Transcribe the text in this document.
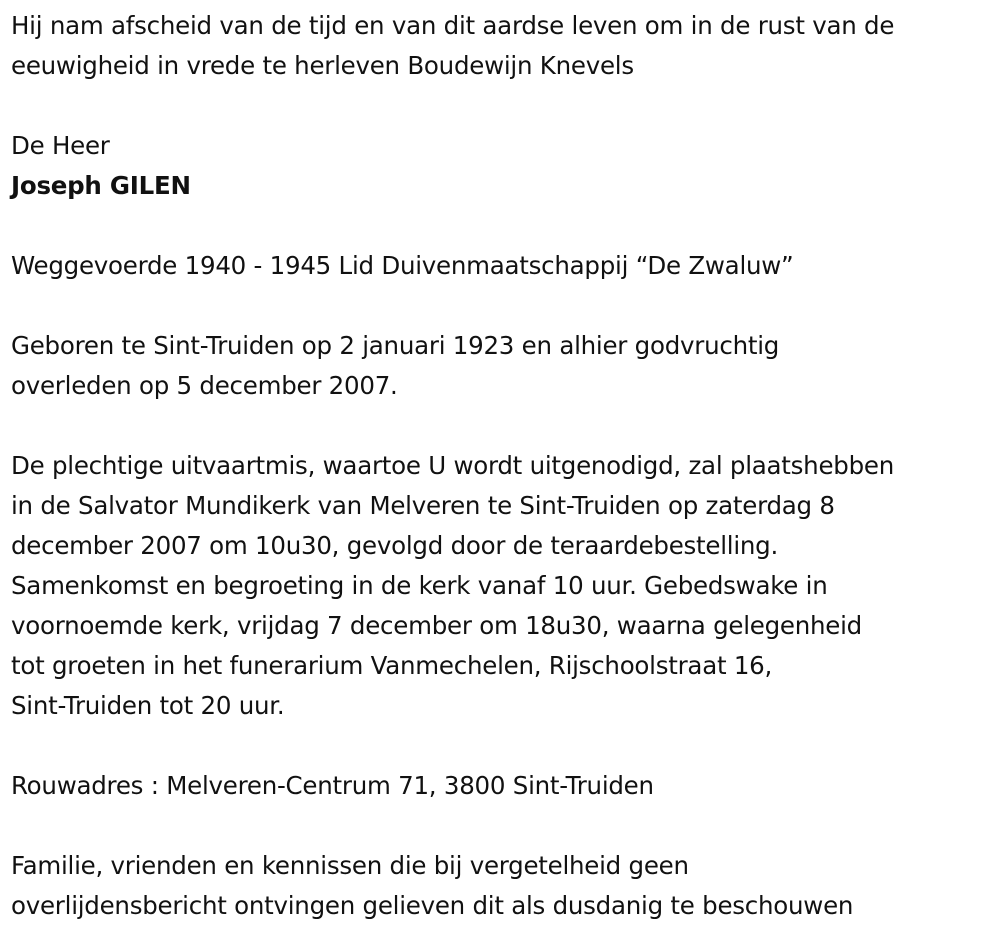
Hij nam afscheid van de tijd en van dit aardse leven om in de rust van de
eeuwigheid in vrede te herleven Boudewijn Knevels
De Heer
Joseph GILEN
Weggevoerde 1940 - 1945 Lid Duivenmaatschappij “De Zwaluw”
Geboren te Sint-Truiden op 2 januari 1923 en alhier godvruchtig
overleden op 5 december 2007.
De plechtige uitvaartmis, waartoe U wordt uitgenodigd, zal plaatshebben
in de Salvator Mundikerk van Melveren te Sint-Truiden op zaterdag 8
december 2007 om 10u30, gevolgd door de teraardebestelling.
Samenkomst en begroeting in de kerk vanaf 10 uur. Gebedswake in
voornoemde kerk, vrijdag 7 december om 18u30, waarna gelegenheid
tot groeten in het funerarium Vanmechelen, Rijschoolstraat 16,
Sint-Truiden tot 20 uur.
Rouwadres : Melveren-Centrum 71, 3800 Sint-Truiden
Familie, vrienden en kennissen die bij vergetelheid geen
overlijdensbericht ontvingen gelieven dit als dusdanig te beschouwen
